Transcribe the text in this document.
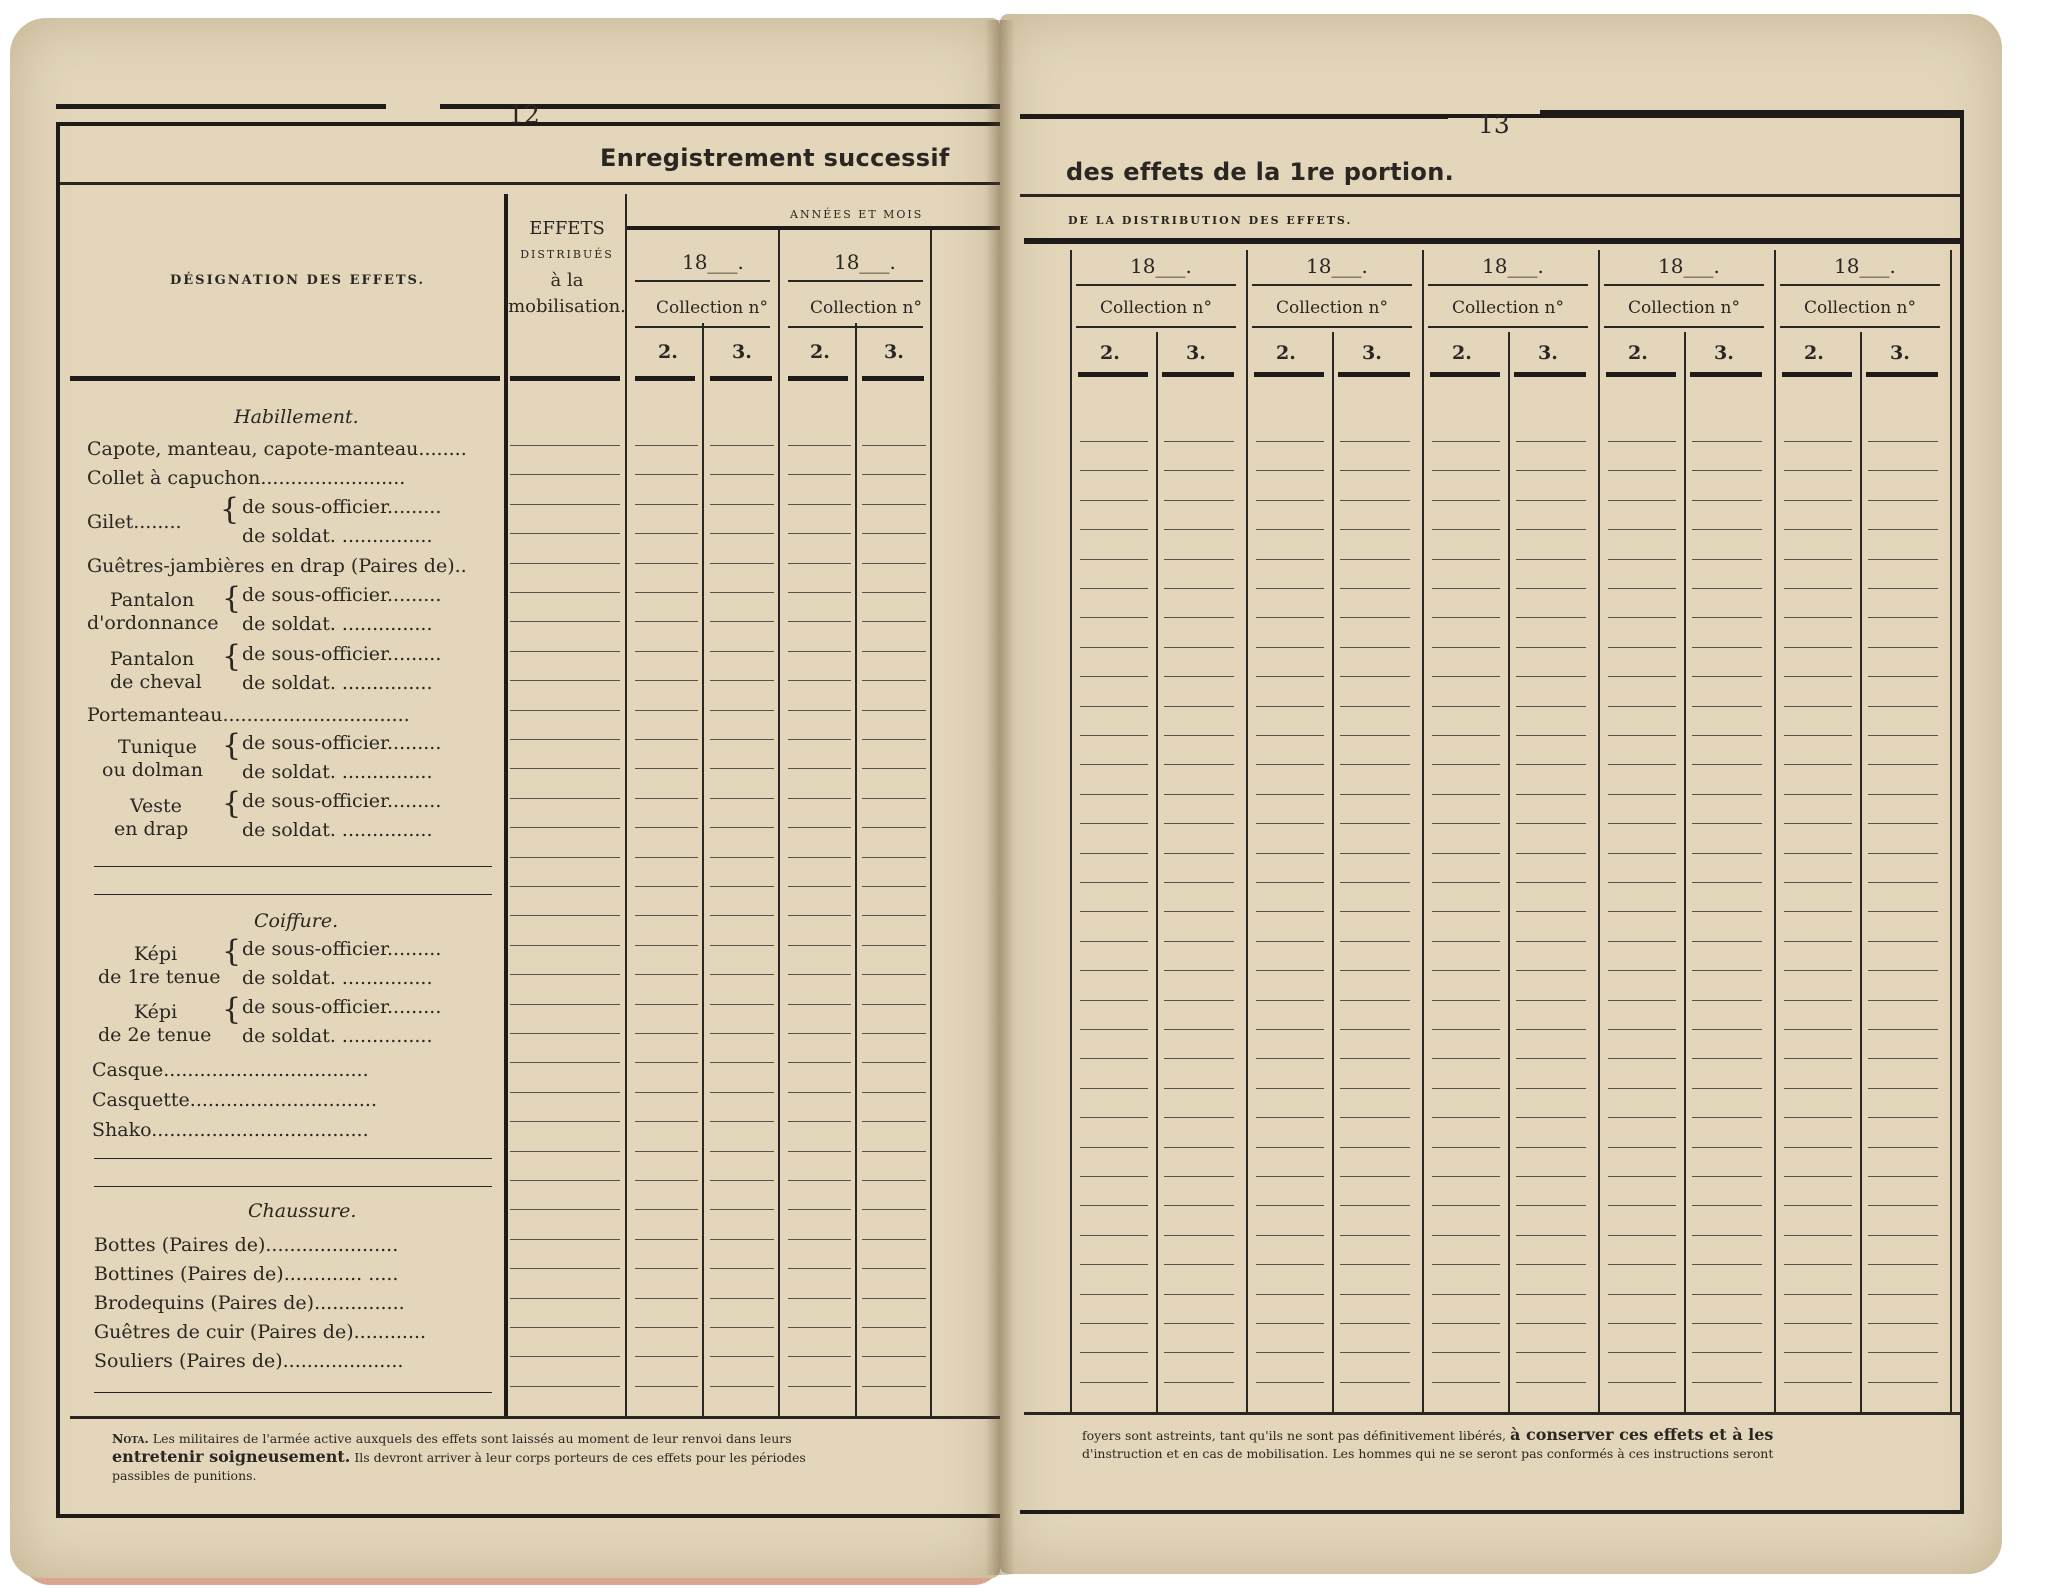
12
Enregistrement successif
DÉSIGNATION DES EFFETS.
EFFETS
DISTRIBUÉS
à la
mobilisation.
ANNÉES ET MOIS
18___.	18___.
Collection n° Collection n°
2.	3.	2.	3.
Habillement.
Capote, manteau, capote-manteau........
Collet à capuchon........................
Gilet........ { de sous-officier.........
de soldat. ...............
Guêtres-jambières en drap (Paires de)..
Pantalon
d'ordonnance
{ de sous-officier.........
de soldat. ...............
Pantalon
de cheval
{ de sous-officier.........
de soldat. ...............
Portemanteau...............................
Tunique
ou dolman
{ de sous-officier.........
de soldat. ...............
Veste
en drap
{ de sous-officier.........
de soldat. ...............
Coiffure.
Képi
de 1re tenue
{ de sous-officier.........
de soldat. ...............
Képi
de 2e tenue
{ de sous-officier.........
de soldat. ...............
Casque..................................
Casquette...............................
Shako....................................
Chaussure.
Bottes (Paires de)......................
Bottines (Paires de)............. .....
Brodequins (Paires de)...............
Guêtres de cuir (Paires de)............
Souliers (Paires de)....................
Nota. Les militaires de l'armée active auxquels des effets sont laissés au moment de leur renvoi dans leurs
entretenir soigneusement. Ils devront arriver à leur corps porteurs de ces effets pour les périodes
passibles de punitions.
13
des effets de la 1re portion.
DE LA DISTRIBUTION DES EFFETS.
18___.
Collection n°
2.	3.
18___.
Collection n°
2.	3.
18___.
Collection n°
2.	3.
18___.
Collection n°
2.	3.
18___.
Collection n°
2.	3.
foyers sont astreints, tant qu'ils ne sont pas définitivement libérés, à conserver ces effets et à les
d'instruction et en cas de mobilisation. Les hommes qui ne se seront pas conformés à ces instructions seront
